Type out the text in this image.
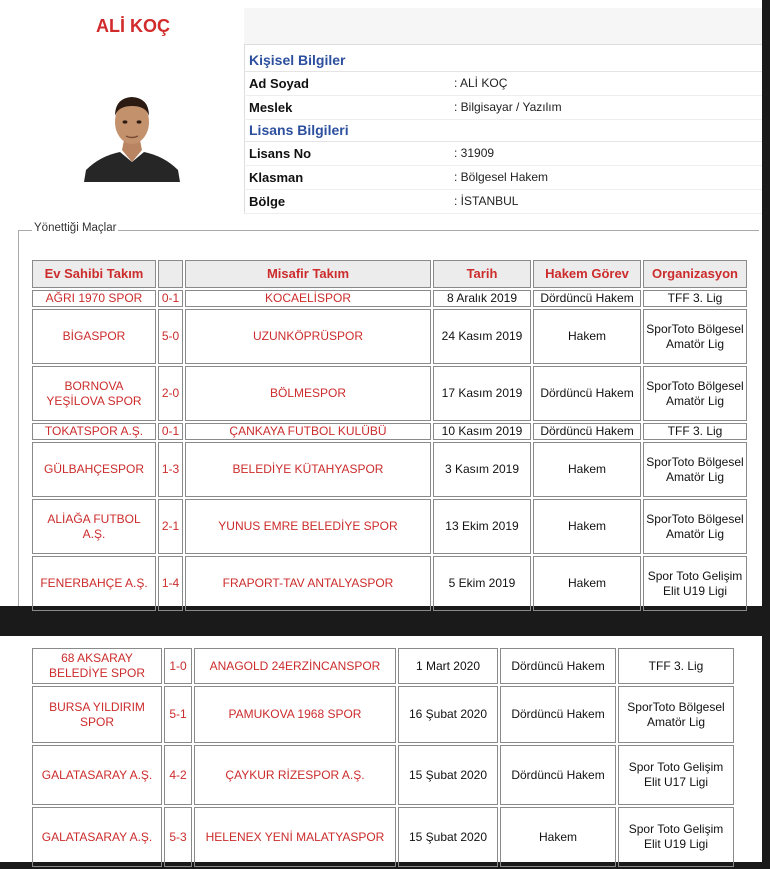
ALİ KOÇ
Kişisel Bilgiler
Ad Soyad	: ALİ KOÇ
Meslek	: Bilgisayar / Yazılım
Lisans Bilgileri
Lisans No	: 31909
Klasman	: Bölgesel Hakem
Bölge	: İSTANBUL
Yönettiği Maçlar
Ev Sahibi Takım		Misafir Takım	Tarih	Hakem Görev	Organizasyon
AĞRI 1970 SPOR	0-1	KOCAELİSPOR	8 Aralık 2019	Dördüncü Hakem	TFF 3. Lig
BİGASPOR	5-0	UZUNKÖPRÜSPOR	24 Kasım 2019	Hakem	SporToto Bölgesel Amatör Lig
BORNOVA YEŞİLOVA SPOR	2-0	BÖLMESPOR	17 Kasım 2019	Dördüncü Hakem	SporToto Bölgesel Amatör Lig
TOKATSPOR A.Ş.	0-1	ÇANKAYA FUTBOL KULÜBÜ	10 Kasım 2019	Dördüncü Hakem	TFF 3. Lig
GÜLBAHÇESPOR	1-3	BELEDİYE KÜTAHYASPOR	3 Kasım 2019	Hakem	SporToto Bölgesel Amatör Lig
ALİAĞA FUTBOL A.Ş.	2-1	YUNUS EMRE BELEDİYE SPOR	13 Ekim 2019	Hakem	SporToto Bölgesel Amatör Lig
FENERBAHÇE A.Ş.	1-4	FRAPORT-TAV ANTALYASPOR	5 Ekim 2019	Hakem	Spor Toto Gelişim Elit U19 Ligi
68 AKSARAY BELEDİYE SPOR	1-0	ANAGOLD 24ERZİNCANSPOR	1 Mart 2020	Dördüncü Hakem	TFF 3. Lig
BURSA YILDIRIM SPOR	5-1	PAMUKOVA 1968 SPOR	16 Şubat 2020	Dördüncü Hakem	SporToto Bölgesel Amatör Lig
GALATASARAY A.Ş.	4-2	ÇAYKUR RİZESPOR A.Ş.	15 Şubat 2020	Dördüncü Hakem	Spor Toto Gelişim Elit U17 Ligi
GALATASARAY A.Ş.	5-3	HELENEX YENİ MALATYASPOR	15 Şubat 2020	Hakem	Spor Toto Gelişim Elit U19 Ligi
